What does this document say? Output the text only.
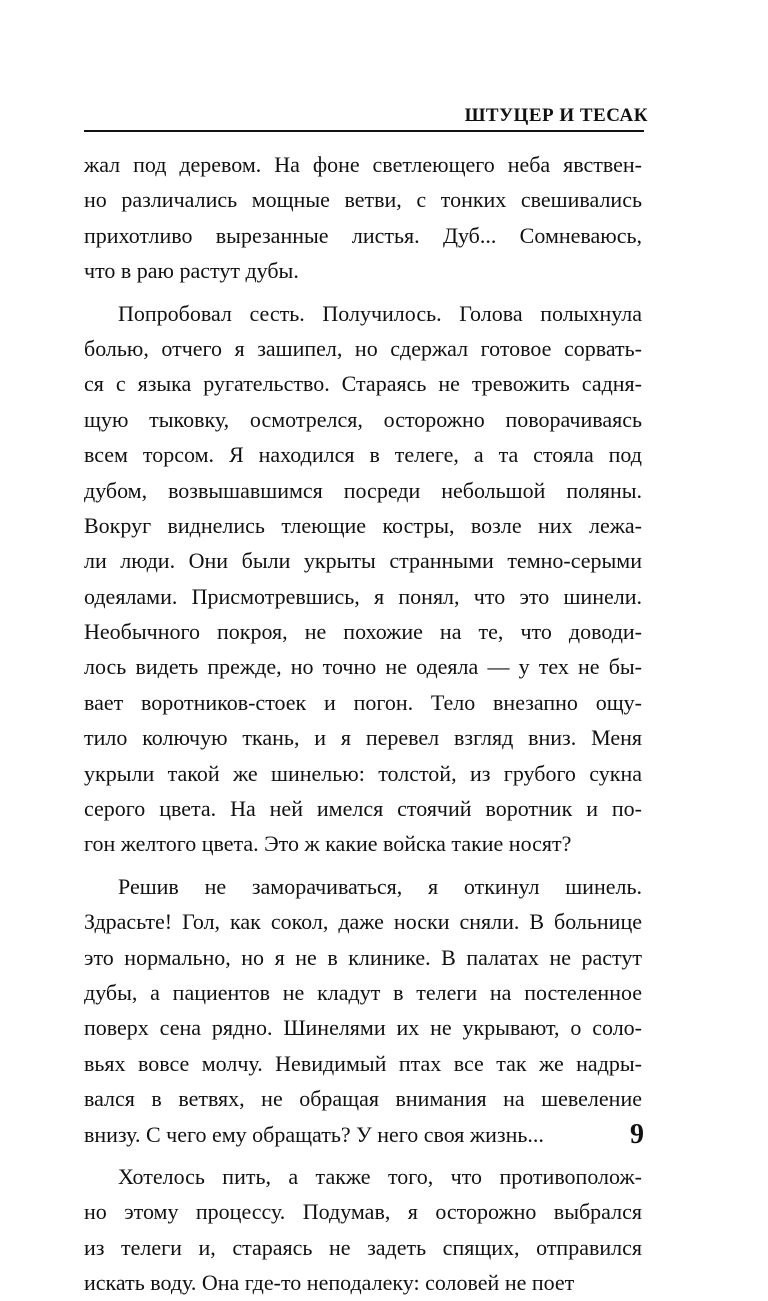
ШТУЦЕР И ТЕСАК
жал под деревом. На фоне светлеющего неба явствен-
но различались мощные ветви, с тонких свешивались
прихотливо вырезанные листья. Дуб... Сомневаюсь,
что в раю растут дубы.
Попробовал сесть. Получилось. Голова полыхнула
болью, отчего я зашипел, но сдержал готовое сорвать-
ся с языка ругательство. Стараясь не тревожить садня-
щую тыковку, осмотрелся, осторожно поворачиваясь
всем торсом. Я находился в телеге, а та стояла под
дубом, возвышавшимся посреди небольшой поляны.
Вокруг виднелись тлеющие костры, возле них лежа-
ли люди. Они были укрыты странными темно-серыми
одеялами. Присмотревшись, я понял, что это шинели.
Необычного покроя, не похожие на те, что доводи-
лось видеть прежде, но точно не одеяла — у тех не бы-
вает воротников-стоек и погон. Тело внезапно ощу-
тило колючую ткань, и я перевел взгляд вниз. Меня
укрыли такой же шинелью: толстой, из грубого сукна
серого цвета. На ней имелся стоячий воротник и по-
гон желтого цвета. Это ж какие войска такие носят?
Решив не заморачиваться, я откинул шинель.
Здрасьте! Гол, как сокол, даже носки сняли. В больнице
это нормально, но я не в клинике. В палатах не растут
дубы, а пациентов не кладут в телеги на постеленное
поверх сена рядно. Шинелями их не укрывают, о соло-
вьях вовсе молчу. Невидимый птах все так же надры-
вался в ветвях, не обращая внимания на шевеление
внизу. С чего ему обращать? У него своя жизнь...
Хотелось пить, а также того, что противополож-
но этому процессу. Подумав, я осторожно выбрался
из телеги и, стараясь не задеть спящих, отправился
искать воду. Она где-то неподалеку: соловей не поет
9
